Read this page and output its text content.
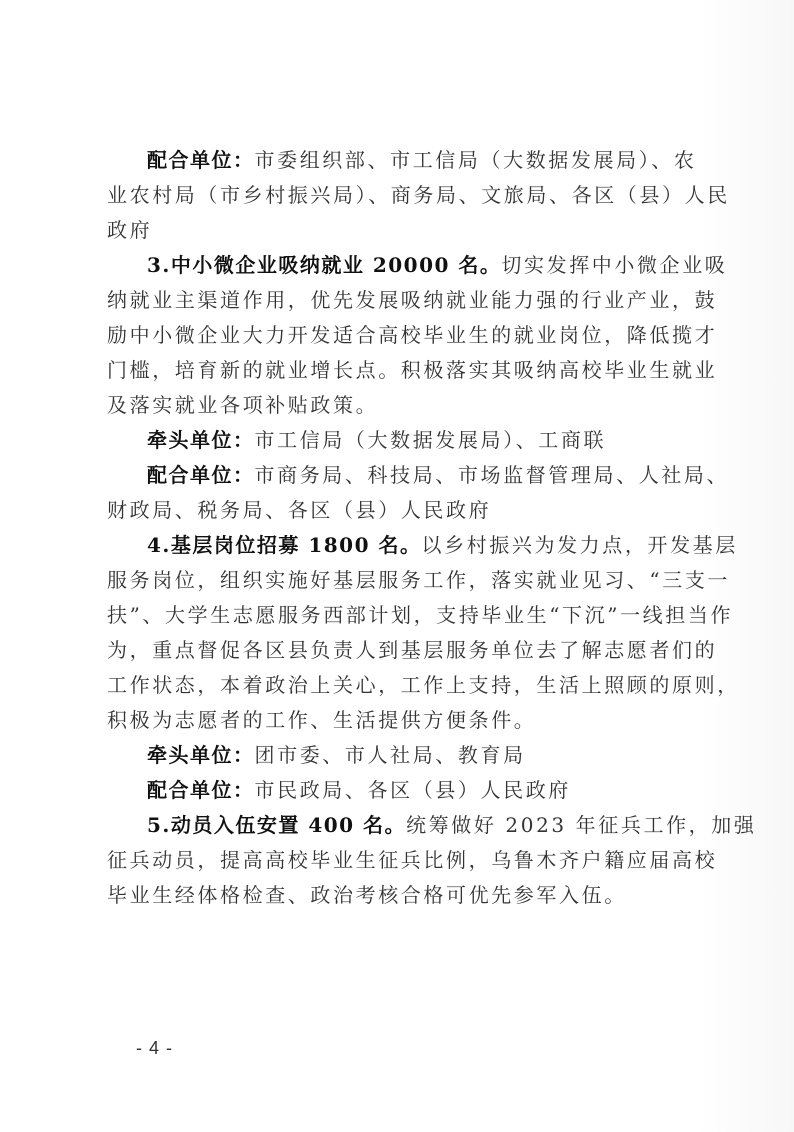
配合单位：市委组织部、市工信局（大数据发展局）、农
业农村局（市乡村振兴局）、商务局、文旅局、各区（县）人民
政府
3.中小微企业吸纳就业 20000 名。切实发挥中小微企业吸
纳就业主渠道作用，优先发展吸纳就业能力强的行业产业，鼓
励中小微企业大力开发适合高校毕业生的就业岗位，降低揽才
门槛，培育新的就业增长点。积极落实其吸纳高校毕业生就业
及落实就业各项补贴政策。
牵头单位：市工信局（大数据发展局）、工商联
配合单位：市商务局、科技局、市场监督管理局、人社局、
财政局、税务局、各区（县）人民政府
4.基层岗位招募 1800 名。以乡村振兴为发力点，开发基层
服务岗位，组织实施好基层服务工作，落实就业见习、“三支一
扶”、大学生志愿服务西部计划，支持毕业生“下沉”一线担当作
为，重点督促各区县负责人到基层服务单位去了解志愿者们的
工作状态，本着政治上关心，工作上支持，生活上照顾的原则，
积极为志愿者的工作、生活提供方便条件。
牵头单位：团市委、市人社局、教育局
配合单位：市民政局、各区（县）人民政府
5.动员入伍安置 400 名。统筹做好 2023 年征兵工作，加强
征兵动员，提高高校毕业生征兵比例，乌鲁木齐户籍应届高校
毕业生经体格检查、政治考核合格可优先参军入伍。
- 4 -
